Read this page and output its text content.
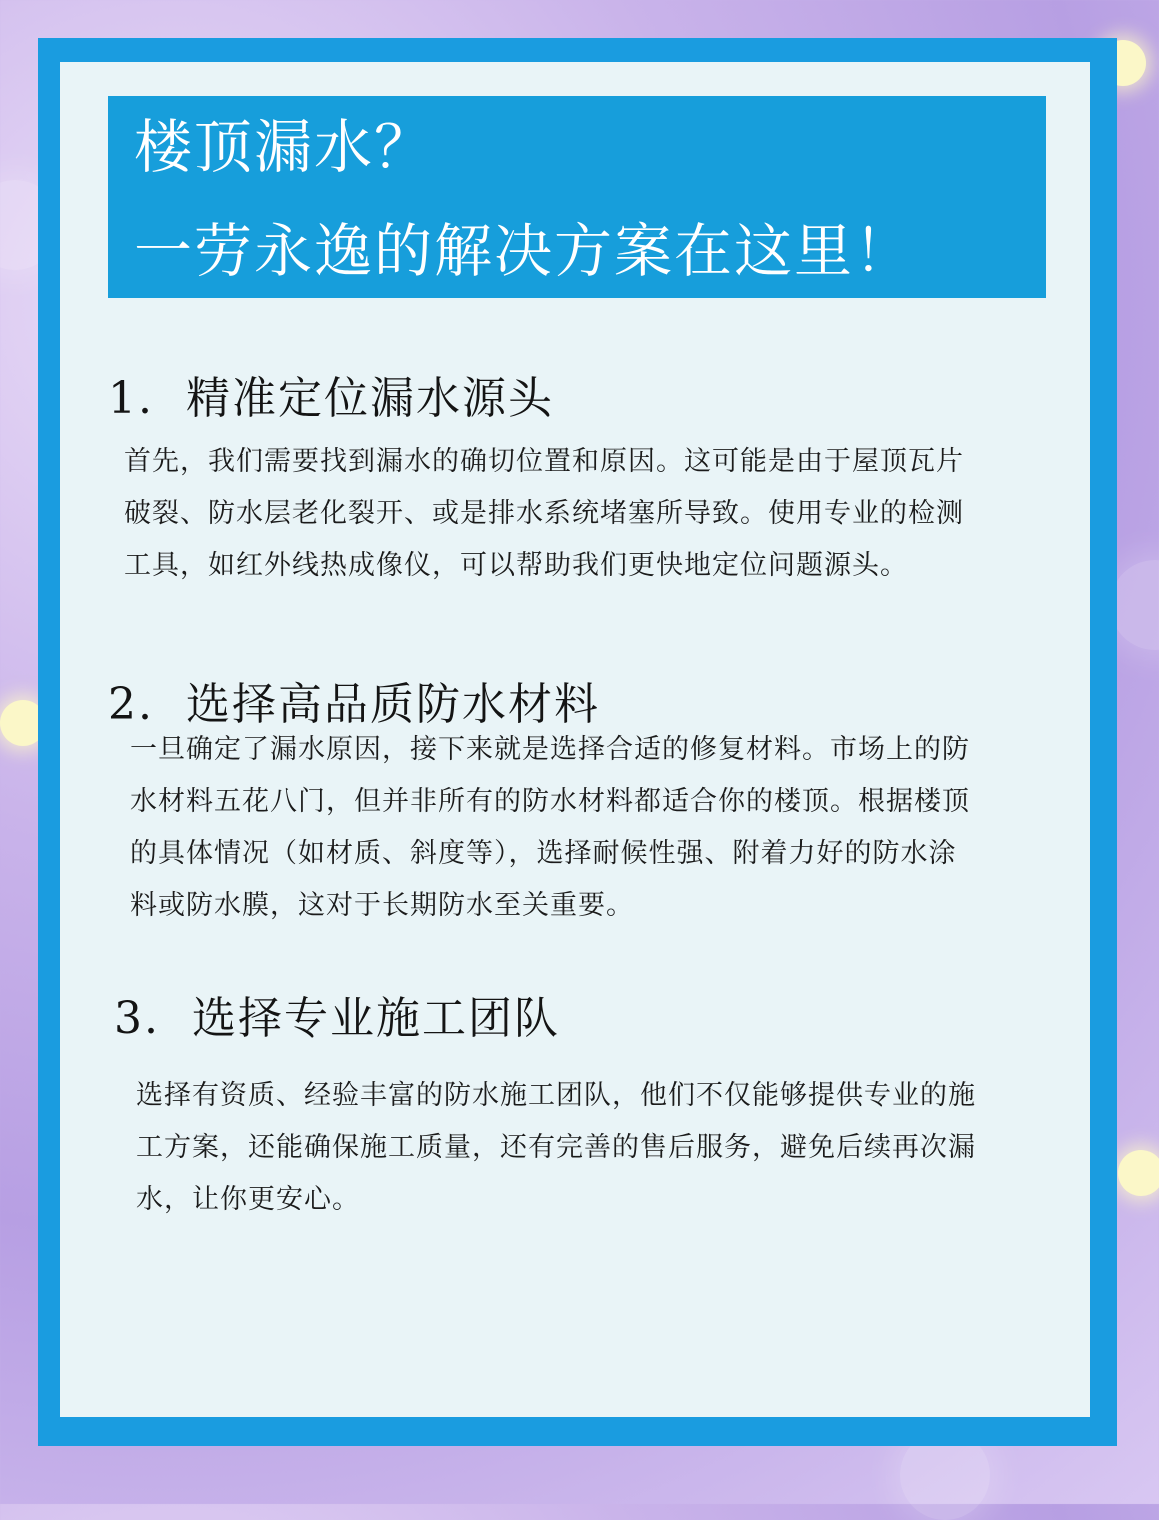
楼顶漏水？
一劳永逸的解决方案在这里！
1. 精准定位漏水源头
首先，我们需要找到漏水的确切位置和原因。这可能是由于屋顶瓦片
破裂、防水层老化裂开、或是排水系统堵塞所导致。使用专业的检测
工具，如红外线热成像仪，可以帮助我们更快地定位问题源头。
2. 选择高品质防水材料
一旦确定了漏水原因，接下来就是选择合适的修复材料。市场上的防
水材料五花八门，但并非所有的防水材料都适合你的楼顶。根据楼顶
的具体情况（如材质、斜度等），选择耐候性强、附着力好的防水涂
料或防水膜，这对于长期防水至关重要。
3. 选择专业施工团队
选择有资质、经验丰富的防水施工团队，他们不仅能够提供专业的施
工方案，还能确保施工质量，还有完善的售后服务，避免后续再次漏
水，让你更安心。
